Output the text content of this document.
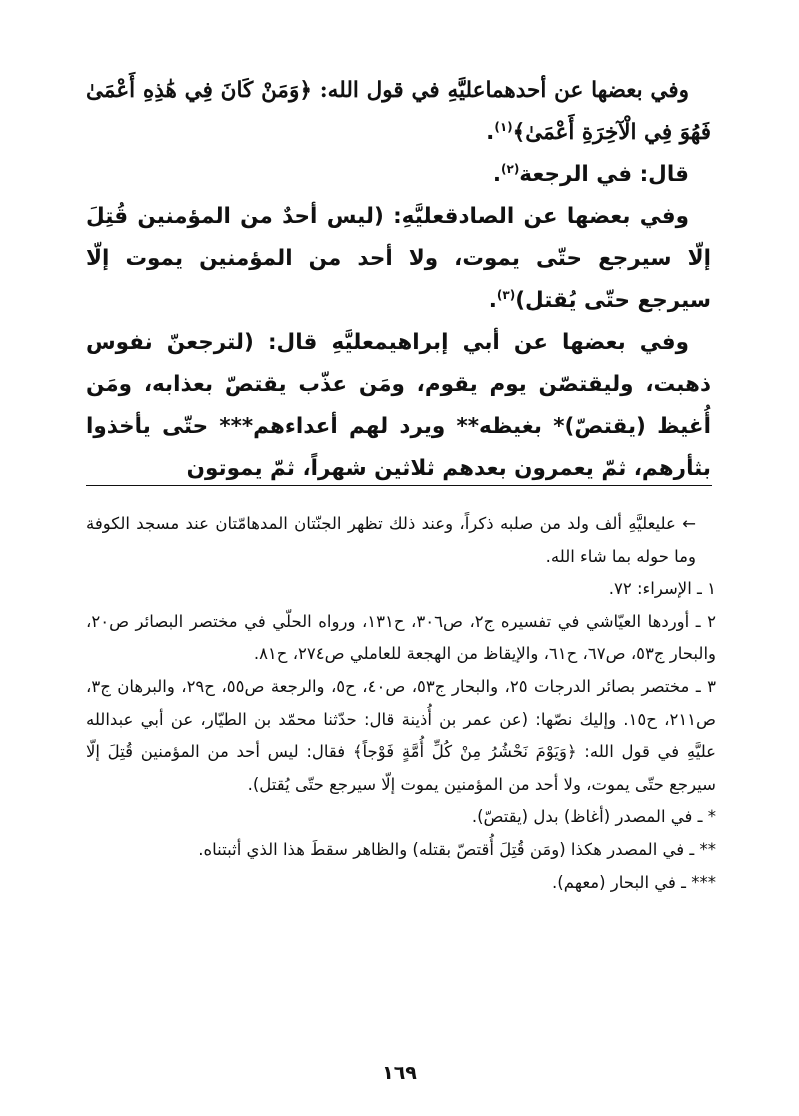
وفي بعضها عن أحدهماعليَّهِ في قول الله: ﴿وَمَنْ كَانَ فِي هَٰذِهِ أَعْمَىٰ فَهُوَ فِي الْآخِرَةِ أَعْمَىٰ﴾$^{(١)}$.

قال: في الرجعة$^{(٢)}$.

وفي بعضها عن الصادقعليَّهِ: (ليس أحدٌ من المؤمنين قُتِلَ إلّا سيرجع حتّى يموت، ولا أحد من المؤمنين يموت إلّا سيرجع حتّى يُقتل)$^{(٣)}$.

وفي بعضها عن أبي إبراهيمعليَّهِ قال: (لترجعنّ نفوس ذهبت، وليقتصّن يوم يقوم، ومَن عذّب يقتصّ بعذابه، ومَن أُغيظ (يقتصّ)* بغيظه** ويرد لهم أعداءهم*** حتّى يأخذوا بثأرهم، ثمّ يعمرون بعدهم ثلاثين شهراً، ثمّ يموتون

← عليعليَّهِ ألف ولد من صلبه ذكراً، وعند ذلك تظهر الجنّتان المدهامّتان عند مسجد الكوفة وما حوله بما شاء الله.

١ ـ الإسراء: ٧٢.

٢ ـ أوردها العيّاشي في تفسيره ج٢، ص٣٠٦، ح١٣١، ورواه الحلّي في مختصر البصائر ص٢٠، والبحار ج٥٣، ص٦٧، ح٦١، والإيقاظ من الهجعة للعاملي ص٢٧٤، ح٨١.

٣ ـ مختصر بصائر الدرجات ٢٥، والبحار ج٥٣، ص٤٠، ح٥، والرجعة ص٥٥، ح٢٩، والبرهان ج٣، ص٢١١، ح١٥. وإليك نصّها: (عن عمر بن أُذينة قال: حدّثنا محمّد بن الطيّار، عن أبي عبدالله عليَّهِ في قول الله: ﴿وَيَوْمَ نَحْشُرُ مِنْ كُلِّ أُمَّةٍ فَوْجاً﴾ فقال: ليس أحد من المؤمنين قُتِلَ إلّا سيرجع حتّى يموت، ولا أحد من المؤمنين يموت إلّا سيرجع حتّى يُقتل).

* ـ في المصدر (أغاظ) بدل (يقتصّ).

** ـ في المصدر هكذا (ومَن قُتِلَ أُقتصّ بقتله) والظاهر سقطَ هذا الذي أثبتناه.

*** ـ في البحار (معهم).

١٦٩
